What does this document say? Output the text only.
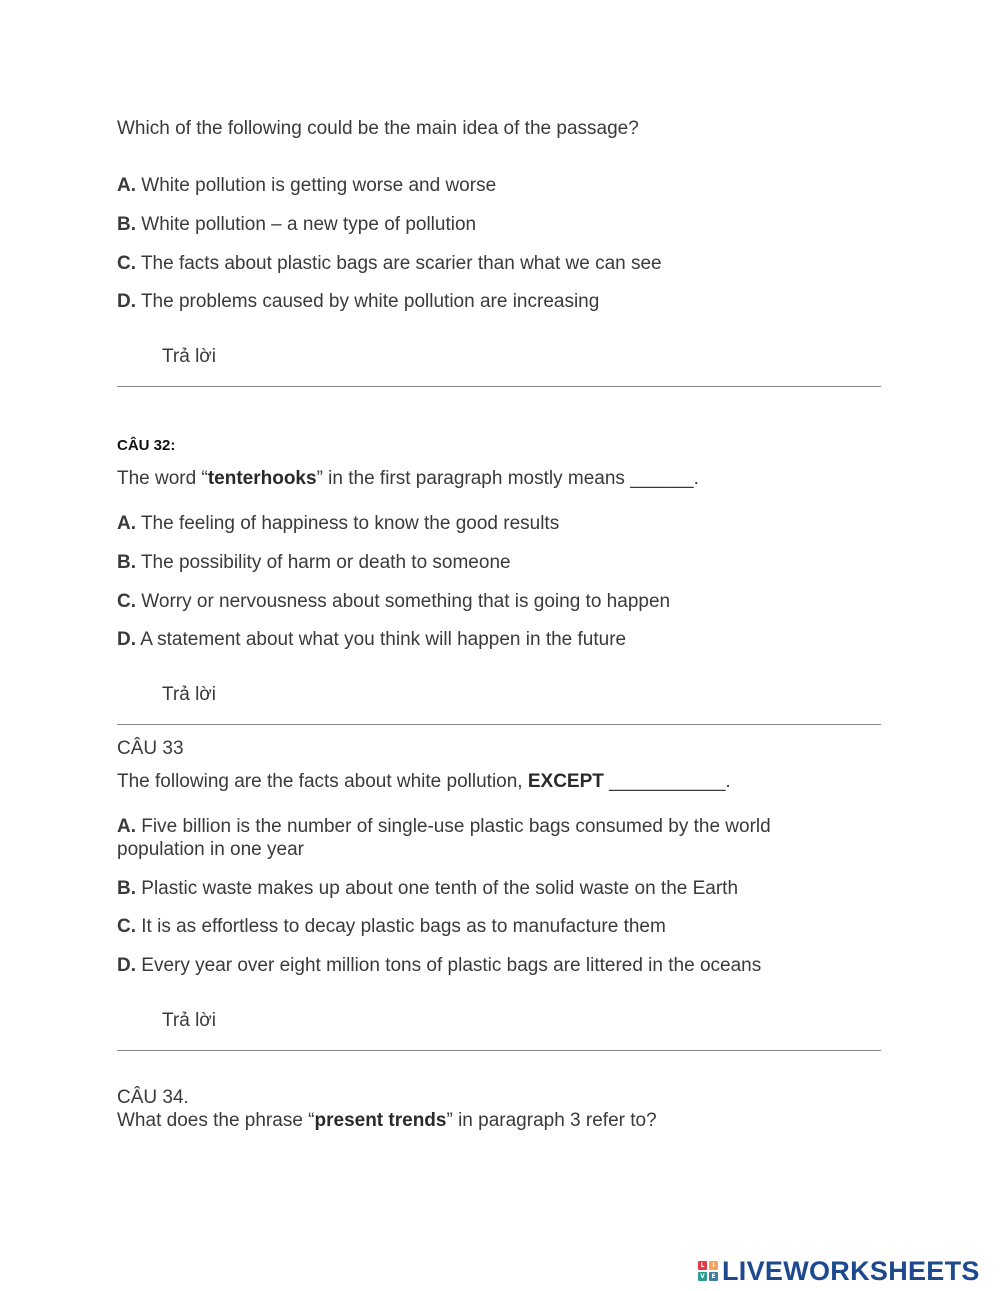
Which of the following could be the main idea of the passage?
A. White pollution is getting worse and worse
B. White pollution – a new type of pollution
C. The facts about plastic bags are scarier than what we can see
D. The problems caused by white pollution are increasing
Trả lời
CÂU 32:
The word “tenterhooks” in the first paragraph mostly means ______.
A. The feeling of happiness to know the good results
B. The possibility of harm or death to someone
C. Worry or nervousness about something that is going to happen
D. A statement about what you think will happen in the future
Trả lời
CÂU 33
The following are the facts about white pollution, EXCEPT ___________.
A. Five billion is the number of single-use plastic bags consumed by the world
population in one year
B. Plastic waste makes up about one tenth of the solid waste on the Earth
C. It is as effortless to decay plastic bags as to manufacture them
D. Every year over eight million tons of plastic bags are littered in the oceans
Trả lời
CÂU 34.
What does the phrase “present trends” in paragraph 3 refer to?
L	I
V	E LIVEWORKSHEETS
